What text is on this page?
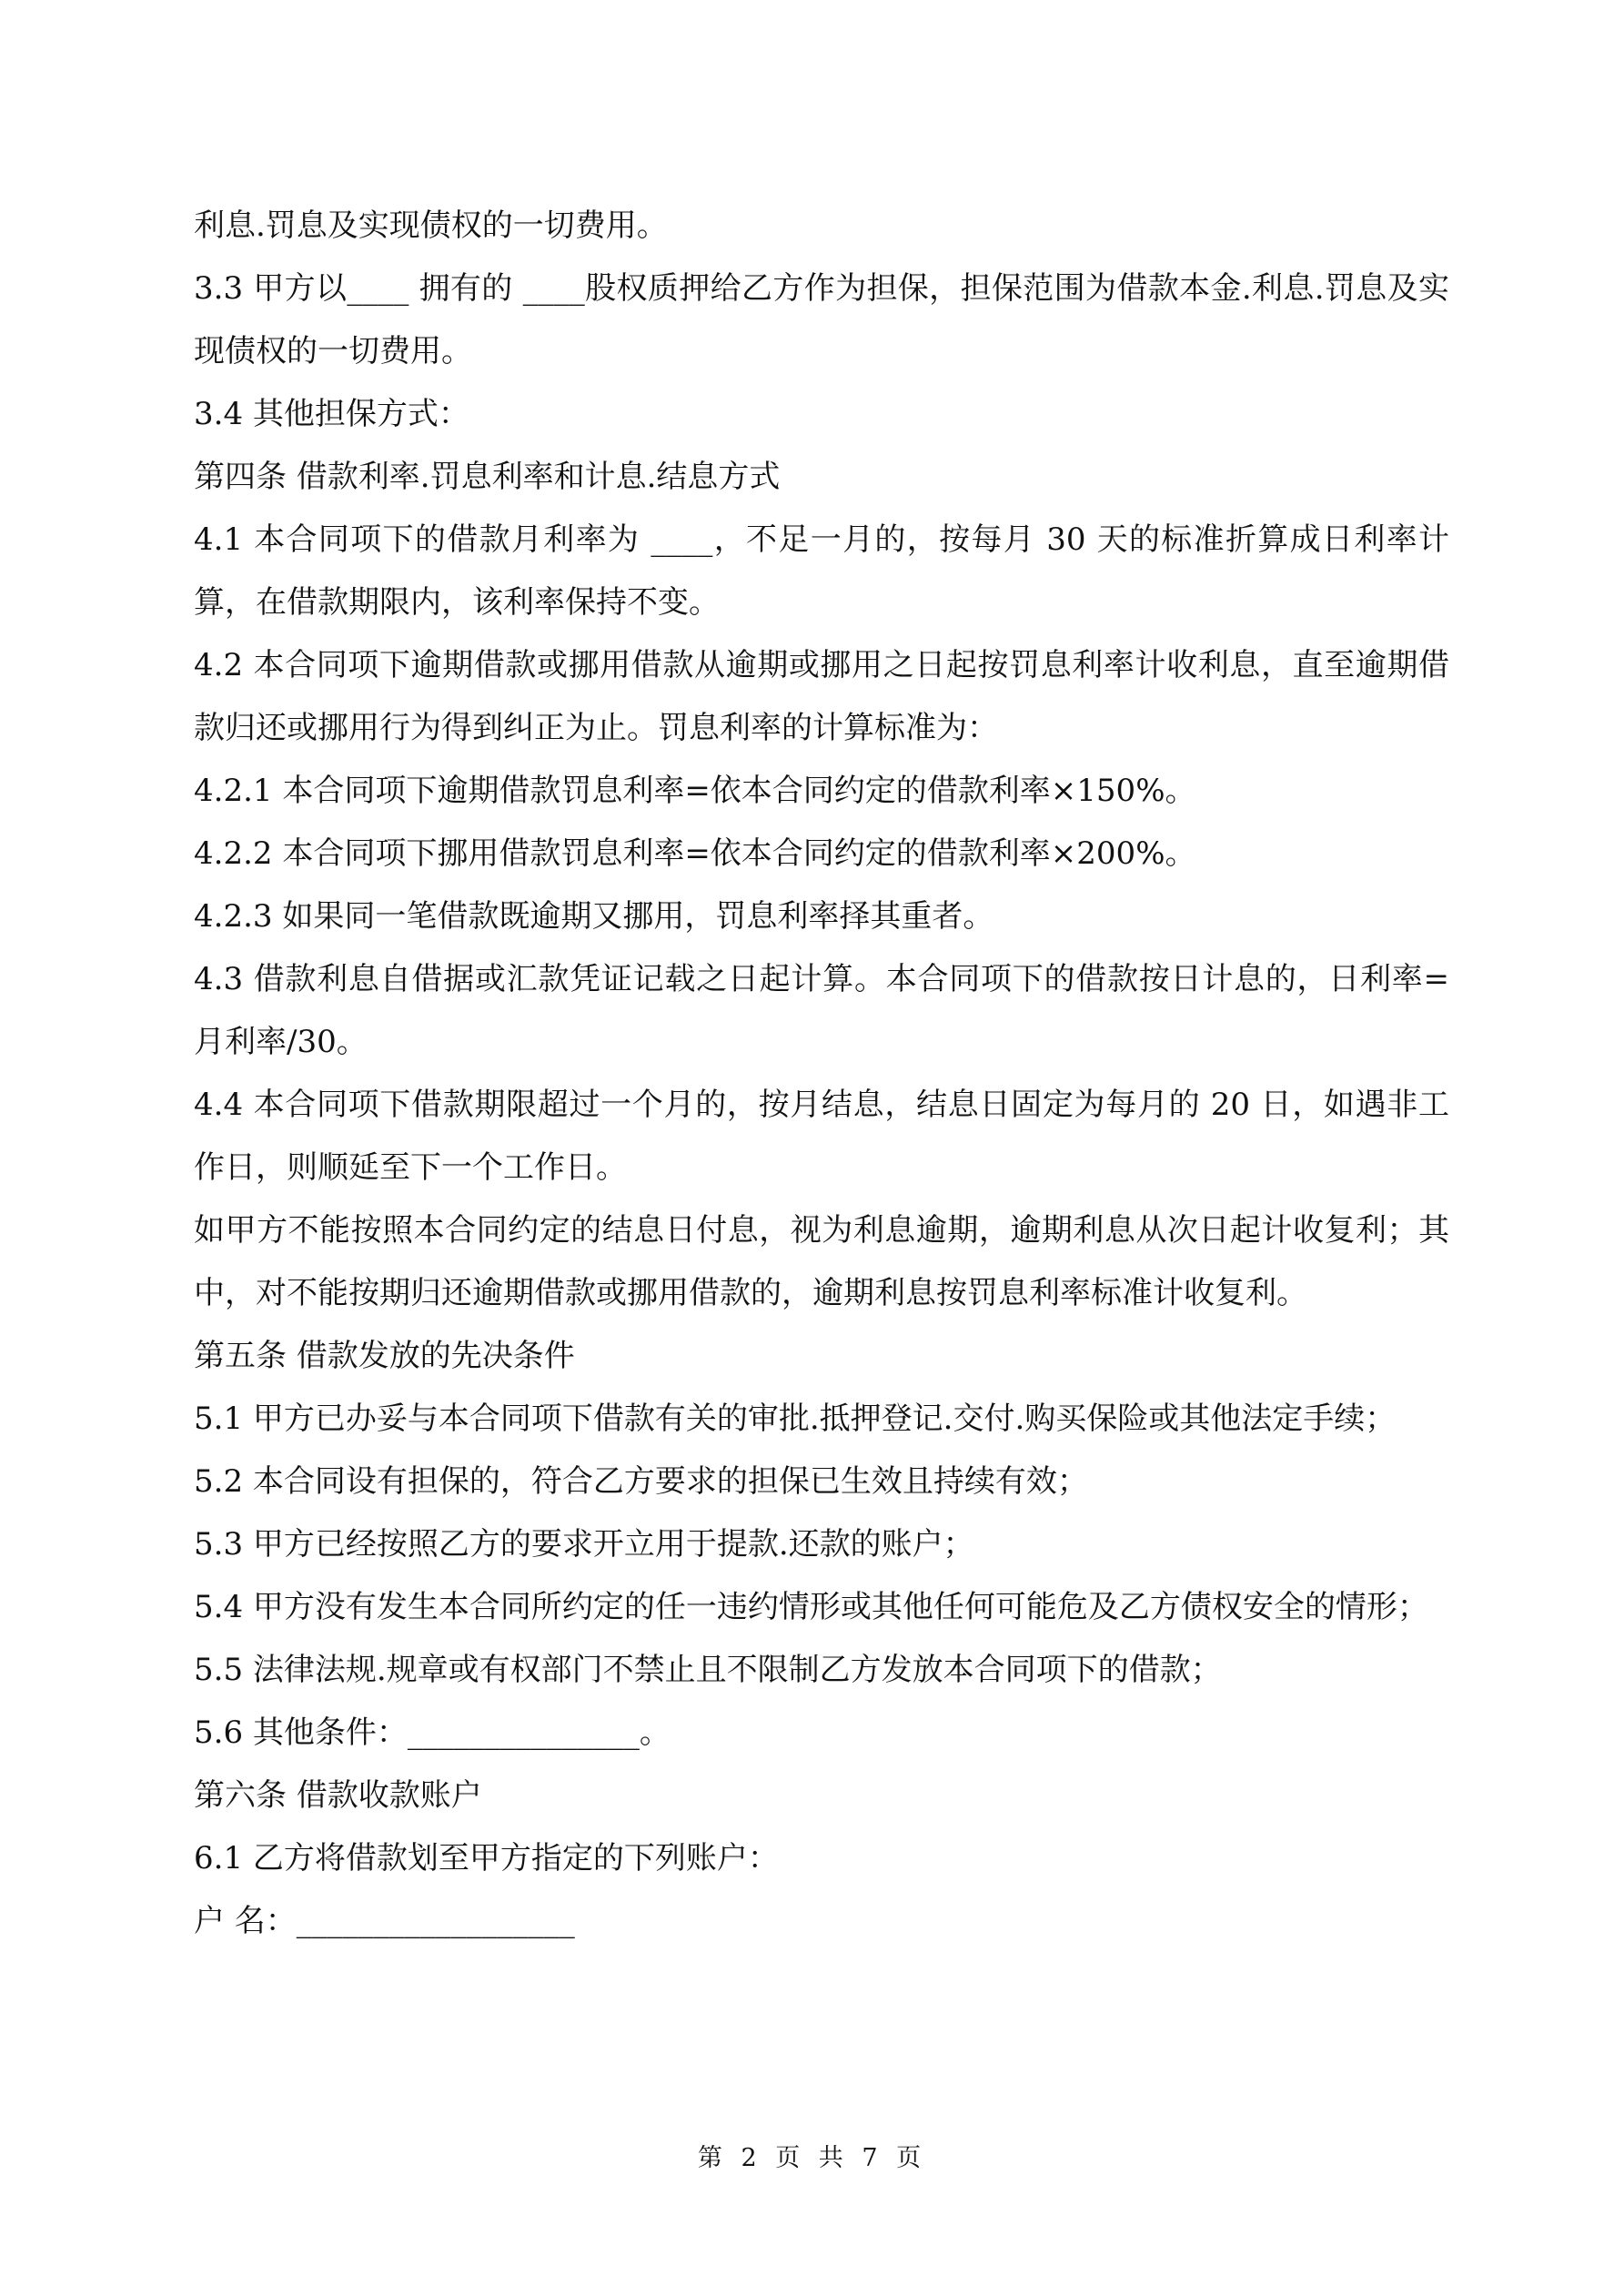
利息.罚息及实现债权的一切费用。

3.3 甲方以____ 拥有的 ____股权质押给乙方作为担保，担保范围为借款本金.利息.罚息及实现债权的一切费用。

3.4 其他担保方式：

第四条 借款利率.罚息利率和计息.结息方式

4.1 本合同项下的借款月利率为 ____，不足一月的，按每月 30 天的标准折算成日利率计算，在借款期限内，该利率保持不变。

4.2 本合同项下逾期借款或挪用借款从逾期或挪用之日起按罚息利率计收利息，直至逾期借款归还或挪用行为得到纠正为止。罚息利率的计算标准为：

4.2.1 本合同项下逾期借款罚息利率=依本合同约定的借款利率×150%。

4.2.2 本合同项下挪用借款罚息利率=依本合同约定的借款利率×200%。

4.2.3 如果同一笔借款既逾期又挪用，罚息利率择其重者。

4.3 借款利息自借据或汇款凭证记载之日起计算。本合同项下的借款按日计息的，日利率=月利率/30。

4.4 本合同项下借款期限超过一个月的，按月结息，结息日固定为每月的 20 日，如遇非工作日，则顺延至下一个工作日。

如甲方不能按照本合同约定的结息日付息，视为利息逾期，逾期利息从次日起计收复利；其中，对不能按期归还逾期借款或挪用借款的，逾期利息按罚息利率标准计收复利。

第五条 借款发放的先决条件

5.1 甲方已办妥与本合同项下借款有关的审批.抵押登记.交付.购买保险或其他法定手续；

5.2 本合同设有担保的，符合乙方要求的担保已生效且持续有效；

5.3 甲方已经按照乙方的要求开立用于提款.还款的账户；

5.4 甲方没有发生本合同所约定的任一违约情形或其他任何可能危及乙方债权安全的情形；

5.5 法律法规.规章或有权部门不禁止且不限制乙方发放本合同项下的借款；

5.6 其他条件：_______________。

第六条 借款收款账户

6.1 乙方将借款划至甲方指定的下列账户：

户 名：__________________

第 2 页 共 7 页
